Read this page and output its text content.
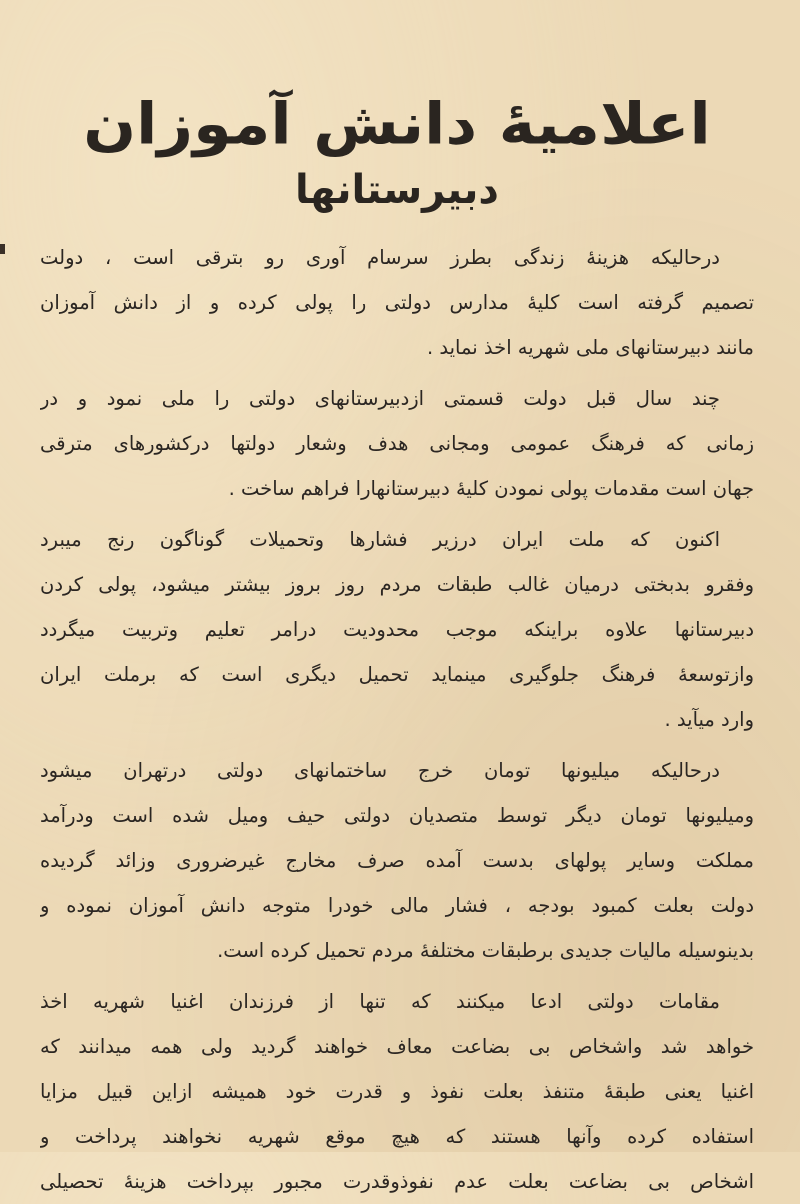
اعلامیهٔ دانش آموزان
دبیرستانها
درحالیکه هزینهٔ زندگی بطرز سرسام آوری رو بترقی است ، دولت
تصمیم گرفته است کلیهٔ مدارس دولتی را پولی کرده و از دانش آموزان
مانند دبیرستانهای ملی شهریه اخذ نماید .
چند سال قبل دولت قسمتی ازدبیرستانهای دولتی را ملی نمود و در
زمانی که فرهنگ عمومی ومجانی هدف وشعار دولتها درکشورهای مترقی
جهان است مقدمات پولی نمودن کلیهٔ دبیرستانهارا فراهم ساخت .
اکنون که ملت ایران درزیر فشارها وتحمیلات گوناگون رنج میبرد
وفقرو بدبختی درمیان غالب طبقات مردم روز بروز بیشتر میشود، پولی کردن
دبیرستانها علاوه براینکه موجب محدودیت درامر تعلیم وتربیت میگردد
وازتوسعهٔ فرهنگ جلوگیری مینماید تحمیل دیگری است که برملت ایران
وارد میآید .
درحالیکه میلیونها تومان خرج ساختمانهای دولتی درتهران میشود
ومیلیونها تومان دیگر توسط متصدیان دولتی حیف ومیل شده است ودرآمد
مملکت وسایر پولهای بدست آمده صرف مخارج غیرضروری وزائد گردیده
دولت بعلت کمبود بودجه ، فشار مالی خودرا متوجه دانش آموزان نموده و
بدینوسیله مالیات جدیدی برطبقات مختلفهٔ مردم تحمیل کرده است.
مقامات دولتی ادعا میکنند که تنها از فرزندان اغنیا شهریه اخذ
خواهد شد واشخاص بی بضاعت معاف خواهند گردید ولی همه میدانند که
اغنیا یعنی طبقهٔ متنفذ بعلت نفوذ و قدرت خود همیشه ازاین قبیل مزایا
استفاده کرده وآنها هستند که هیچ موقع شهریه نخواهند پرداخت و
اشخاص بی بضاعت بعلت عدم نفوذوقدرت مجبور بپرداخت هزینهٔ تحصیلی
